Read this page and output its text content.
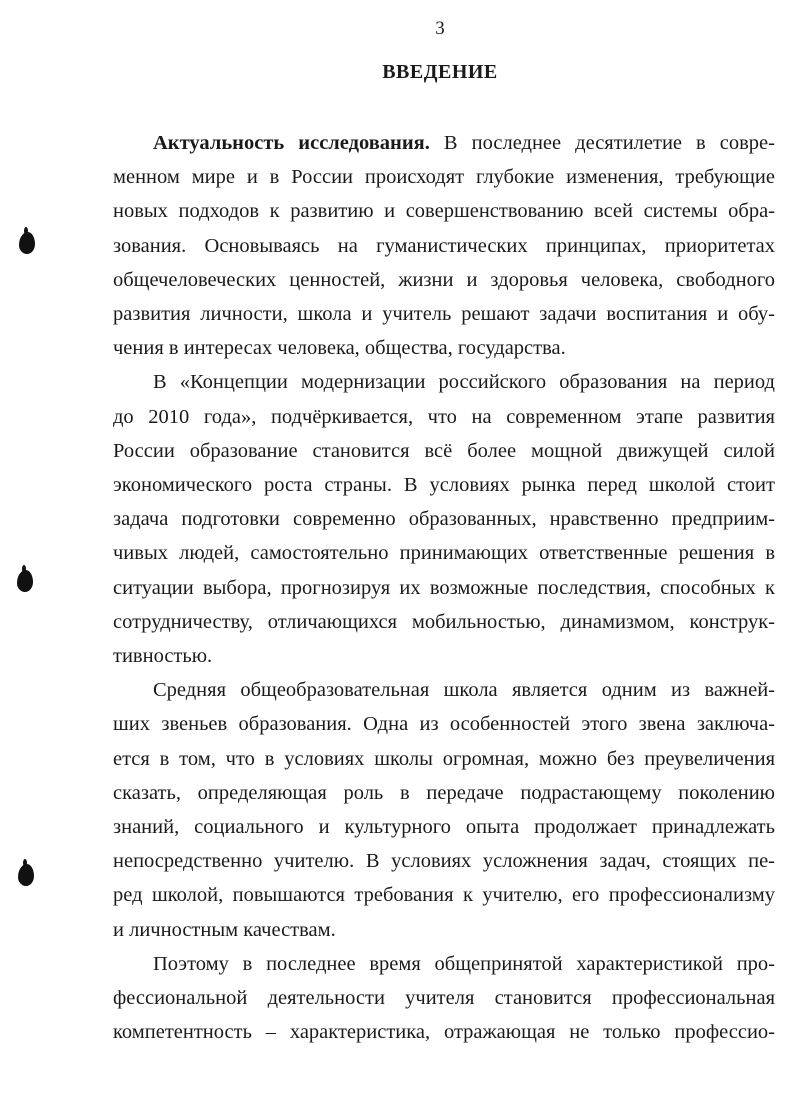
3
ВВЕДЕНИЕ
Актуальность исследования. В последнее десятилетие в совре-
менном мире и в России происходят глубокие изменения, требующие
новых подходов к развитию и совершенствованию всей системы обра-
зования. Основываясь на гуманистических принципах, приоритетах
общечеловеческих ценностей, жизни и здоровья человека, свободного
развития личности, школа и учитель решают задачи воспитания и обу-
чения в интересах человека, общества, государства.
В «Концепции модернизации российского образования на период
до 2010 года», подчёркивается, что на современном этапе развития
России образование становится всё более мощной движущей силой
экономического роста страны. В условиях рынка перед школой стоит
задача подготовки современно образованных, нравственно предприим-
чивых людей, самостоятельно принимающих ответственные решения в
ситуации выбора, прогнозируя их возможные последствия, способных к
сотрудничеству, отличающихся мобильностью, динамизмом, конструк-
тивностью.
Средняя общеобразовательная школа является одним из важней-
ших звеньев образования. Одна из особенностей этого звена заключа-
ется в том, что в условиях школы огромная, можно без преувеличения
сказать, определяющая роль в передаче подрастающему поколению
знаний, социального и культурного опыта продолжает принадлежать
непосредственно учителю. В условиях усложнения задач, стоящих пе-
ред школой, повышаются требования к учителю, его профессионализму
и личностным качествам.
Поэтому в последнее время общепринятой характеристикой про-
фессиональной деятельности учителя становится профессиональная
компетентность – характеристика, отражающая не только профессио-
